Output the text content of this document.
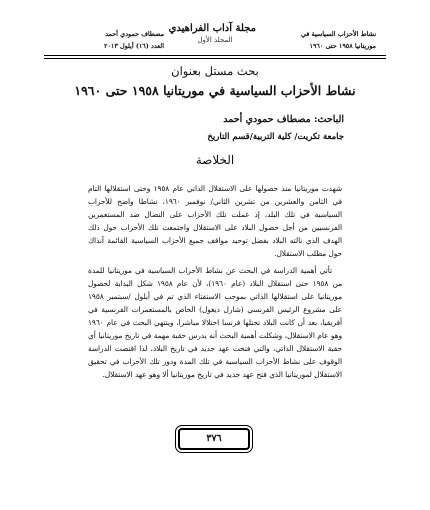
نشاط الأحزاب السياسية في
موريتانيا ١٩٥٨ حتى ١٩٦٠
مجلة آداب الفراهيدي
المجلد الأول
مصطاف حمودي أحمد
العدد (١٦) أيلول ٢٠١٣
بحث مستل بعنوان
نشاط الأحزاب السياسية في موريتانيا ١٩٥٨ حتى ١٩٦٠
الباحث: مصطاف حمودي أحمد
جامعة تكريت/ كلية التربية/قسم التاريخ
الخلاصة

شهدت موريتانيا منذ حصولها على الاستقلال الذاتي عام ١٩٥٨ وحتى استقلالها التام في الثامن والعشرين من تشرين الثاني/ نوفمبر ١٩٦٠، نشاطا واضح للأحزاب السياسية في تلك البلد، إذ عملت تلك الأحزاب على النضال ضد المستعمرين الفرنسيين من أجل حصول البلاد على الاستقلال واجتمعت تلك الأحزاب حول ذلك الهدف الذي نالته البلاد بفضل توحيد مواقف جميع الأحزاب السياسية القائمة آنذاك حول مطلب الاستقلال.

تأتي أهمية الدراسة في البحث عن نشاط الأحزاب السياسية في موريتانيا للمدة من ١٩٥٨ حتى استقلال البلاد (عام ١٩٦٠)، لأن عام ١٩٥٨ شكل البداية لحصول موريتانيا على استقلالها الذاتي بموجب الاستفتاء الذي تم في أيلول /سبتمبر ١٩٥٨ على مشروع الرئيس الفرنسي (شارل ديغول) الخاص بالمستعمرات الفرنسية في أفريقيا، بعد أن كانت البلاد تحتلها فرنسا احتلالا مباشرا، وينتهي البحث في عام ١٩٦٠ وهو عام الاستقلال، وشكلت أهمية البحث أنه يدرس حقبة مهمة في تاريخ موريتانيا أي حقبة الاستقلال الذاتي، والتي فتحت عهد جديد في تاريخ البلاد، لذا اقتضت الدراسة الوقوف على نشاط الأحزاب السياسية في تلك المدة ودور تلك الأحزاب في تحقيق الاستقلال لموريتانيا الذي فتح عهد جديد في تاريخ موريتانيا ألا وهو عهد الاستقلال.

٣٧٦
